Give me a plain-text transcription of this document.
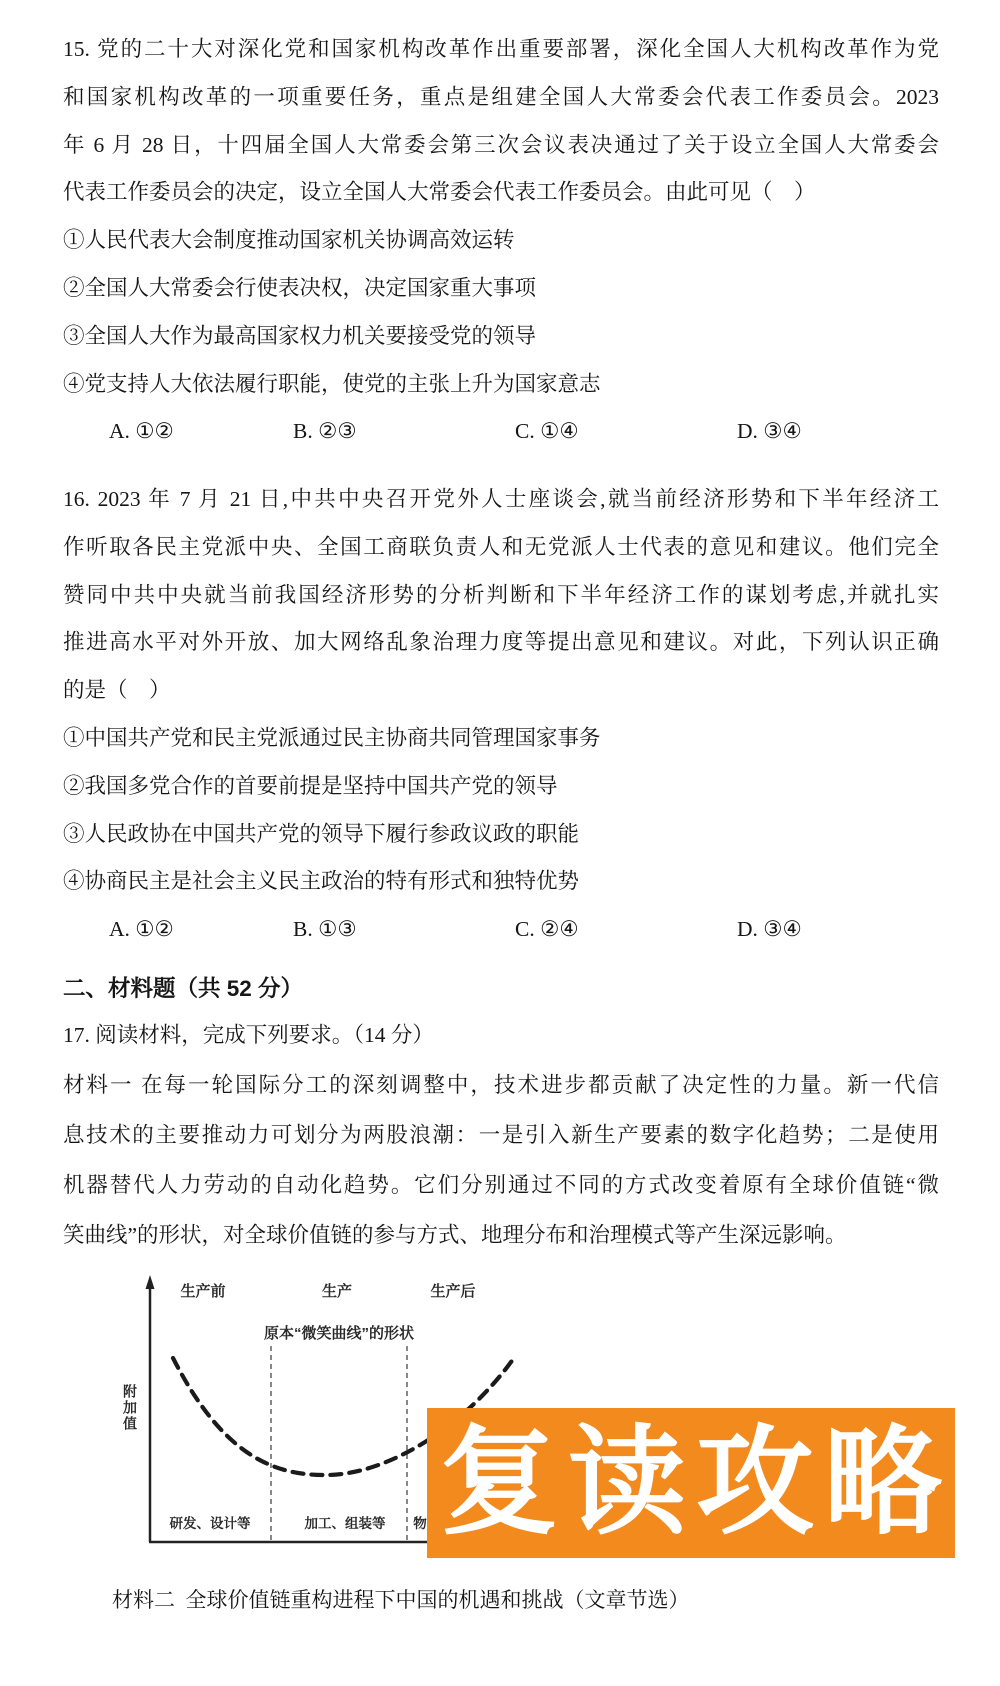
15. 党的二十大对深化党和国家机构改革作出重要部署，深化全国人大机构改革作为党
和国家机构改革的一项重要任务，重点是组建全国人大常委会代表工作委员会。2023
年 6 月 28 日，十四届全国人大常委会第三次会议表决通过了关于设立全国人大常委会
代表工作委员会的决定，设立全国人大常委会代表工作委员会。由此可见（　）
①人民代表大会制度推动国家机关协调高效运转
②全国人大常委会行使表决权，决定国家重大事项
③全国人大作为最高国家权力机关要接受党的领导
④党支持人大依法履行职能，使党的主张上升为国家意志
A. ①②	B. ②③	C. ①④	D. ③④
16. 2023 年 7 月 21 日,中共中央召开党外人士座谈会,就当前经济形势和下半年经济工
作听取各民主党派中央、全国工商联负责人和无党派人士代表的意见和建议。他们完全
赞同中共中央就当前我国经济形势的分析判断和下半年经济工作的谋划考虑,并就扎实
推进高水平对外开放、加大网络乱象治理力度等提出意见和建议。对此，下列认识正确
的是（　）
①中国共产党和民主党派通过民主协商共同管理国家事务
②我国多党合作的首要前提是坚持中国共产党的领导
③人民政协在中国共产党的领导下履行参政议政的职能
④协商民主是社会主义民主政治的特有形式和独特优势
A. ①②	B. ①③	C. ②④	D. ③④
二、材料题（共 52 分）
17. 阅读材料，完成下列要求。（14 分）
材料一 在每一轮国际分工的深刻调整中，技术进步都贡献了决定性的力量。新一代信
息技术的主要推动力可划分为两股浪潮：一是引入新生产要素的数字化趋势；二是使用
机器替代人力劳动的自动化趋势。它们分别通过不同的方式改变着原有全球价值链“微
笑曲线”的形状，对全球价值链的参与方式、地理分布和治理模式等产生深远影响。
附加值
生产前	生产	生产后
原本“微笑曲线”的形状
研发、设计等	加工、组装等	物 复读攻略
材料二  全球价值链重构进程下中国的机遇和挑战（文章节选）
